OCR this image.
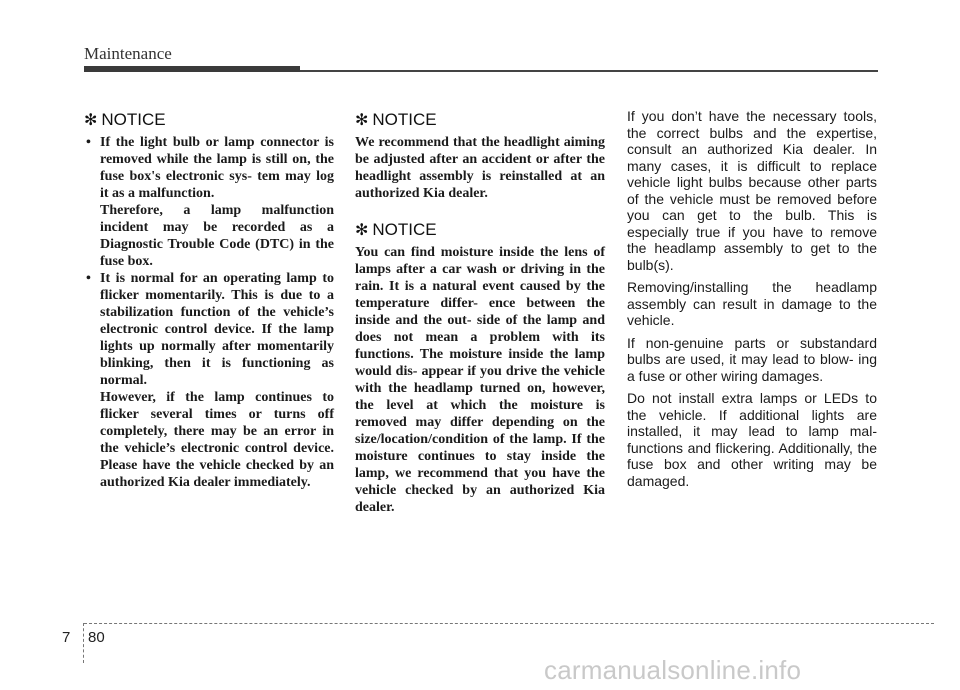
Maintenance
✻ NOTICE

• If the light bulb or lamp connector is removed while the lamp is still on, the fuse box's electronic sys- tem may log it as a malfunction.

Therefore, a lamp malfunction incident may be recorded as a Diagnostic Trouble Code (DTC) in the fuse box.

• It is normal for an operating lamp to flicker momentarily. This is due to a stabilization function of the vehicle’s electronic control device. If the lamp lights up normally after momentarily blinking, then it is functioning as normal.

However, if the lamp continues to flicker several times or turns off completely, there may be an error in the vehicle’s electronic control device. Please have the vehicle checked by an authorized Kia dealer immediately.

✻ NOTICE

We recommend that the headlight aiming be adjusted after an accident or after the headlight assembly is reinstalled at an authorized Kia dealer.

✻ NOTICE

You can find moisture inside the lens of lamps after a car wash or driving in the rain. It is a natural event caused by the temperature differ- ence between the inside and the out- side of the lamp and does not mean a problem with its functions. The moisture inside the lamp would dis- appear if you drive the vehicle with the headlamp turned on, however, the level at which the moisture is removed may differ depending on the size/location/condition of the lamp. If the moisture continues to stay inside the lamp, we recommend that you have the vehicle checked by an authorized Kia dealer.

If you don’t have the necessary tools, the correct bulbs and the expertise, consult an authorized Kia dealer. In many cases, it is difficult to replace vehicle light bulbs because other parts of the vehicle must be removed before you can get to the bulb. This is especially true if you have to remove the headlamp assembly to get to the bulb(s).

Removing/installing the headlamp assembly can result in damage to the vehicle.

If non-genuine parts or substandard bulbs are used, it may lead to blow- ing a fuse or other wiring damages.

Do not install extra lamps or LEDs to the vehicle. If additional lights are installed, it may lead to lamp mal- functions and flickering. Additionally, the fuse box and other writing may be damaged.

7 80
carmanualsonline.info
